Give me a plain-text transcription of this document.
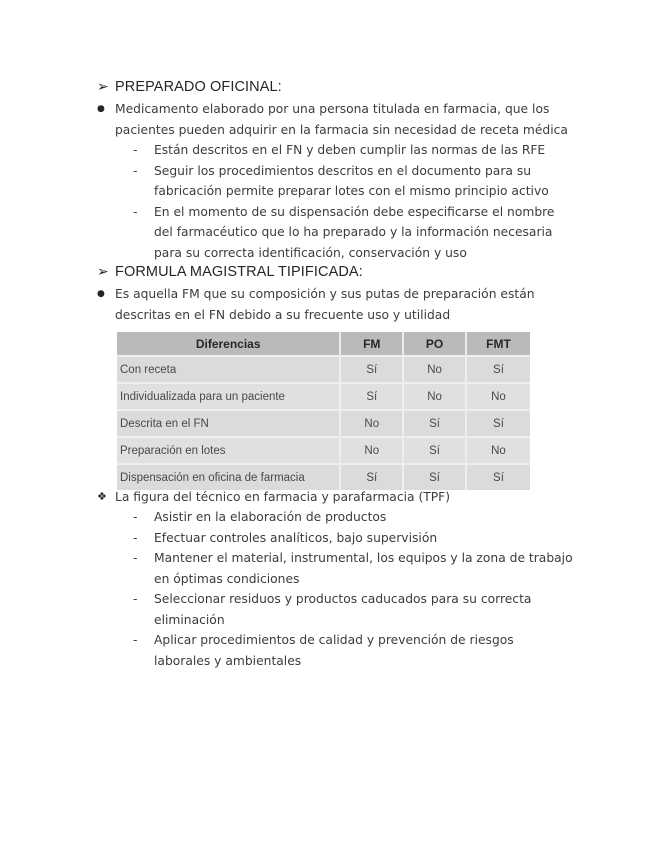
➢ PREPARADO OFICINAL:
● Medicamento elaborado por una persona titulada en farmacia, que los pacientes pueden adquirir en la farmacia sin necesidad de receta médica
-	Están descritos en el FN y deben cumplir las normas de las RFE
-	Seguir los procedimientos descritos en el documento para su fabricación permite preparar lotes con el mismo principio activo
-	En el momento de su dispensación debe especificarse el nombre del farmacéutico que lo ha preparado y la información necesaria para su correcta identificación, conservación y uso
➢ FORMULA MAGISTRAL TIPIFICADA:
● Es aquella FM que su composición y sus putas de preparación están descritas en el FN debido a su frecuente uso y utilidad
Diferencias	FM	PO	FMT
Con receta	Sí	No	Sí
Individualizada para un paciente	Sí	No	No
Descrita en el FN	No	Sí	Sí
Preparación en lotes	No	Sí	No
Dispensación en oficina de farmacia	Sí	Sí	Sí
❖ La figura del técnico en farmacia y parafarmacia (TPF)
-	Asistir en la elaboración de productos
-	Efectuar controles analíticos, bajo supervisión
-	Mantener el material, instrumental, los equipos y la zona de trabajo en óptimas condiciones
-	Seleccionar residuos y productos caducados para su correcta eliminación
-	Aplicar procedimientos de calidad y prevención de riesgos laborales y ambientales
